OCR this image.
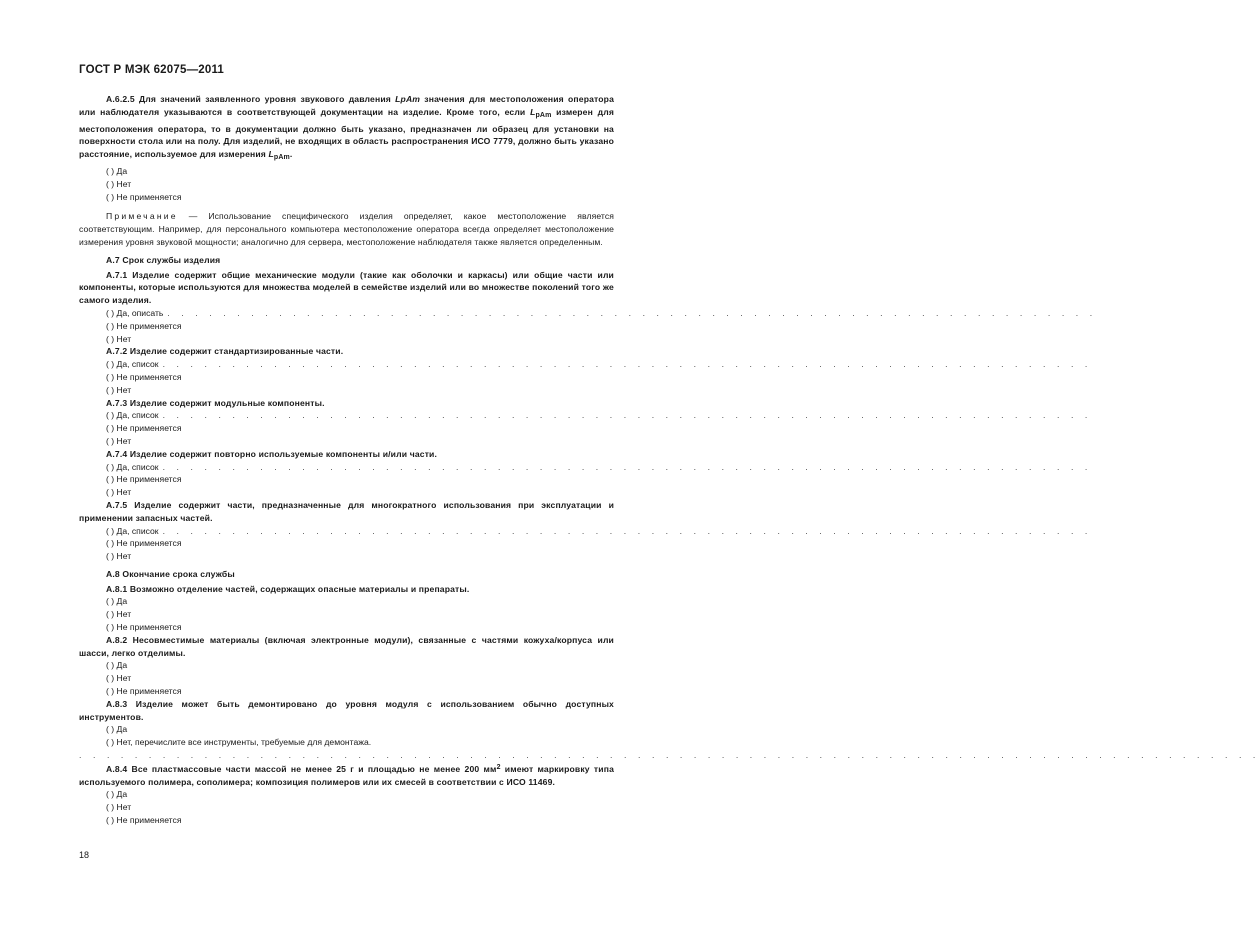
ГОСТ Р МЭК 62075—2011
А.6.2.5 Для значений заявленного уровня звукового давления LpAm значения для местоположения оператора или наблюдателя указываются в соответствующей документации на изделие. Кроме того, если $L_{pAm}$ измерен для местоположения оператора, то в документации должно быть указано, предназначен ли образец для установки на поверхности стола или на полу. Для изделий, не входящих в область распространения ИСО 7779, должно быть указано расстояние, используемое для измерения $L_{pAm}$.
( ) Да
( ) Нет
( ) Не применяется
Примечание — Использование специфического изделия определяет, какое местоположение является соответствующим. Например, для персонального компьютера местоположение оператора всегда определяет местоположение измерения уровня звуковой мощности; аналогично для сервера, местоположение наблюдателя также является определенным.
А.7 Срок службы изделия
А.7.1 Изделие содержит общие механические модули (такие как оболочки и каркасы) или общие части или компоненты, которые используются для множества моделей в семействе изделий или во множестве поколений того же самого изделия.
( ) Да, описать . . . . . . . . . . . . . . . . . . . . . . . . . . . . . . . . . . . . . . . . . . . . . . . . . . . . . . . . . . . . . . . . . . .
( ) Не применяется
( ) Нет
А.7.2 Изделие содержит стандартизированные части.
( ) Да, список . . . . . . . . . . . . . . . . . . . . . . . . . . . . . . . . . . . . . . . . . . . . . . . . . . . . . . . . . . . . . . . . . . .
( ) Не применяется
( ) Нет
А.7.3 Изделие содержит модульные компоненты.
( ) Да, список . . . . . . . . . . . . . . . . . . . . . . . . . . . . . . . . . . . . . . . . . . . . . . . . . . . . . . . . . . . . . . . . . . .
( ) Не применяется
( ) Нет
А.7.4 Изделие содержит повторно используемые компоненты и/или части.
( ) Да, список . . . . . . . . . . . . . . . . . . . . . . . . . . . . . . . . . . . . . . . . . . . . . . . . . . . . . . . . . . . . . . . . . . .
( ) Не применяется
( ) Нет
А.7.5 Изделие содержит части, предназначенные для многократного использования при эксплуатации и применении запасных частей.
( ) Да, список . . . . . . . . . . . . . . . . . . . . . . . . . . . . . . . . . . . . . . . . . . . . . . . . . . . . . . . . . . . . . . . . . . .
( ) Не применяется
( ) Нет
А.8 Окончание срока службы
А.8.1 Возможно отделение частей, содержащих опасные материалы и препараты.
( ) Да
( ) Нет
( ) Не применяется
А.8.2 Несовместимые материалы (включая электронные модули), связанные с частями кожуха/корпуса или шасси, легко отделимы.
( ) Да
( ) Нет
( ) Не применяется
А.8.3 Изделие может быть демонтировано до уровня модуля с использованием обычно доступных инструментов.
( ) Да
( ) Нет, перечислите все инструменты, требуемые для демонтажа.
. . . . . . . . . . . . . . . . . . . . . . . . . . . . . . . . . . . . . . . . . . . . . . . . . . . . . . . . . . . . . . . . . . . . . . . . . . . . . . . . . . . . .
А.8.4 Все пластмассовые части массой не менее 25 г и площадью не менее 200 $мм^2$ имеют маркировку типа используемого полимера, сополимера; композиция полимеров или их смесей в соответствии с ИСО 11469.
( ) Да
( ) Нет
( ) Не применяется
18
